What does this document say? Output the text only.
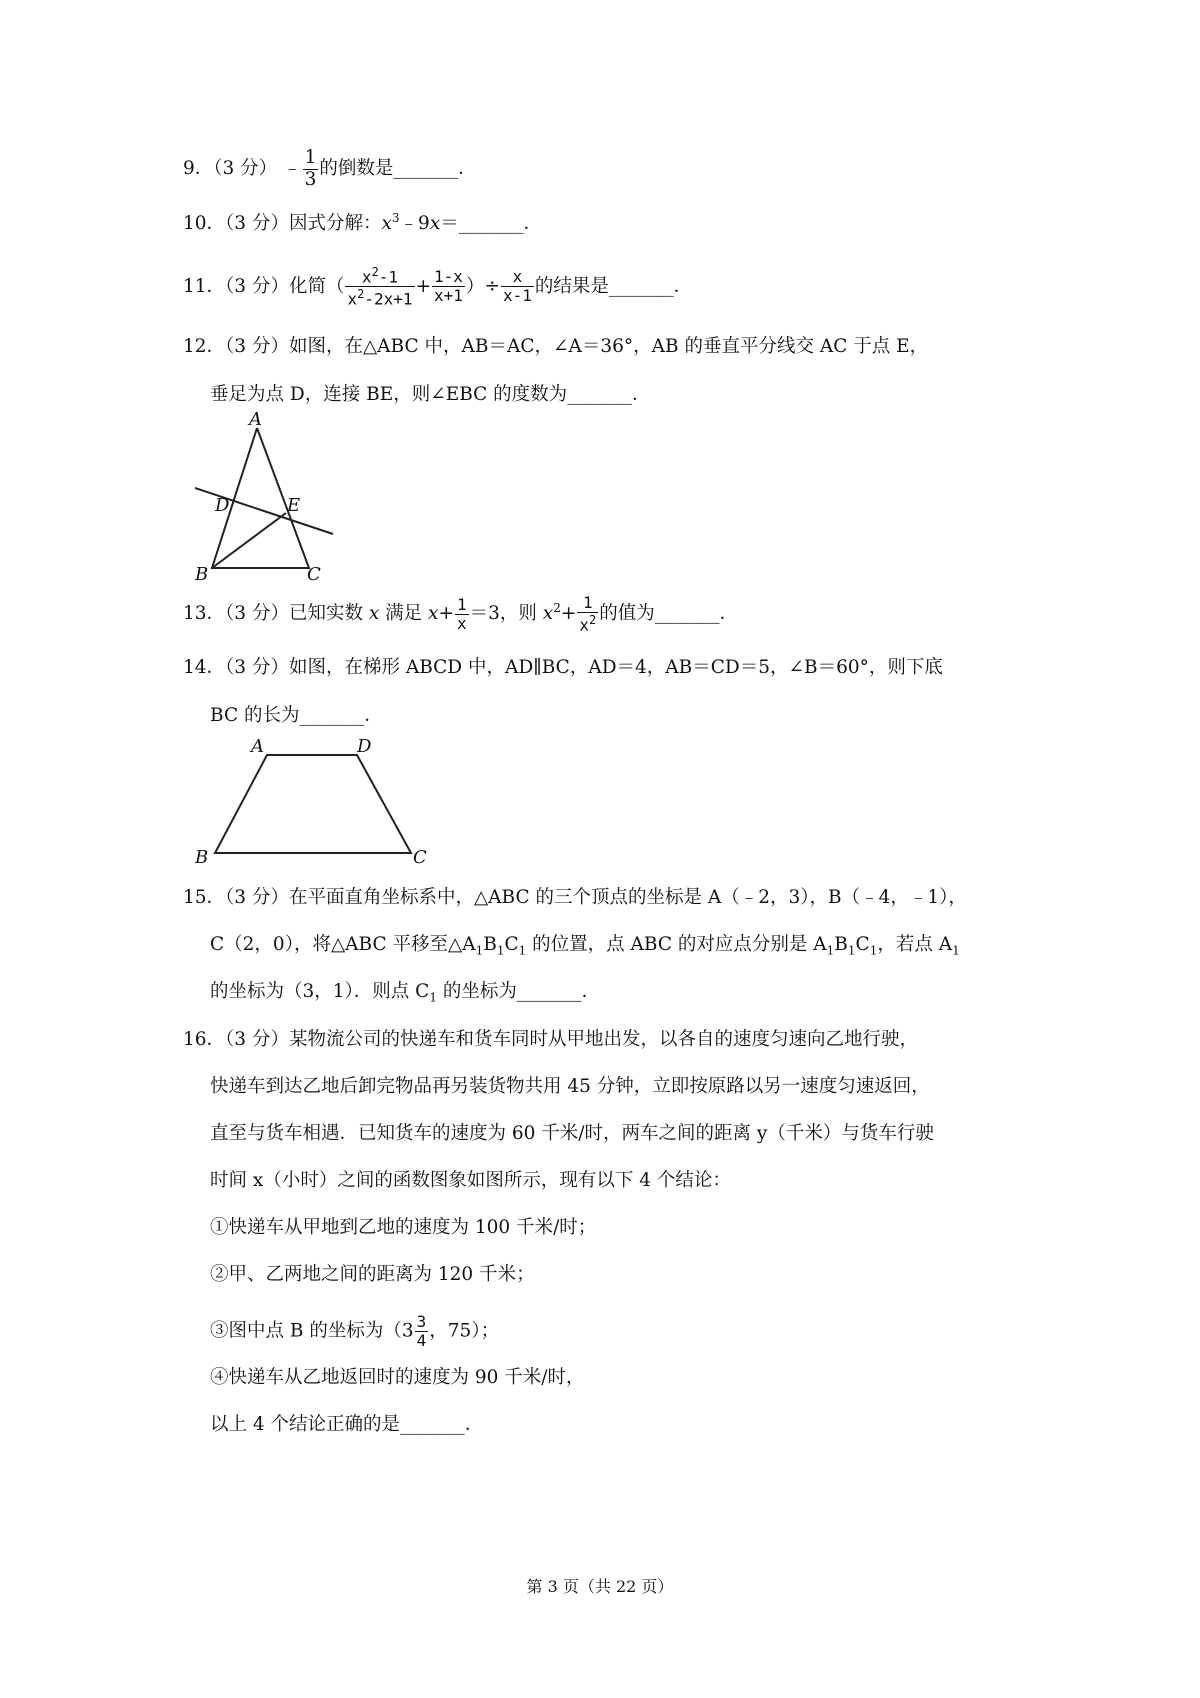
9．（3 分） ﹣ $\frac{1}{3}$ 的倒数是_______．
10．（3 分）因式分解：$x^3﹣9x=\_\_\_\_\_\_\_$．
11．（3 分）化简（ $\frac{x^2-1}{x^2-2x+1} + \frac{1-x}{x+1}$ ）÷ $\frac{x}{x-1}$ 的结果是_______．
12．（3 分）如图，在△ABC 中，AB＝AC，∠A＝36°，AB 的垂直平分线交 AC 于点 E，
垂足为点 D，连接 BE，则∠EBC 的度数为_______．
A
D	E
B	C
13．（3 分）已知实数 x 满足 $x+ \frac{1}{x} =3$，则 $x^2+ \frac{1}{x^2}$ 的值为_______．
14．（3 分）如图，在梯形 ABCD 中，AD∥BC，AD＝4，AB＝CD＝5，∠B＝60°，则下底
BC 的长为_______．
A	D
B	C
15．（3 分）在平面直角坐标系中，△ABC 的三个顶点的坐标是 A（﹣2，3），B（﹣4，﹣1），
C（2，0），将△ABC 平移至$\triangle A_1B_1C_1$ 的位置，点 ABC 的对应点分别是 $A_1B_1C_1$，若点 $A_1$
的坐标为（3，1）．则点 $C_1$ 的坐标为_______．
16．（3 分）某物流公司的快递车和货车同时从甲地出发，以各自的速度匀速向乙地行驶，
快递车到达乙地后卸完物品再另装货物共用 45 分钟，立即按原路以另一速度匀速返回，
直至与货车相遇．已知货车的速度为 60 千米/时，两车之间的距离 y（千米）与货车行驶
时间 x（小时）之间的函数图象如图所示，现有以下 4 个结论：
①快递车从甲地到乙地的速度为 100 千米/时；
②甲、乙两地之间的距离为 120 千米；
③图中点 B 的坐标为（$3 \frac{3}{4}$ ，75）；
④快递车从乙地返回时的速度为 90 千米/时，
以上 4 个结论正确的是_______．
第 3 页（共 22 页）
